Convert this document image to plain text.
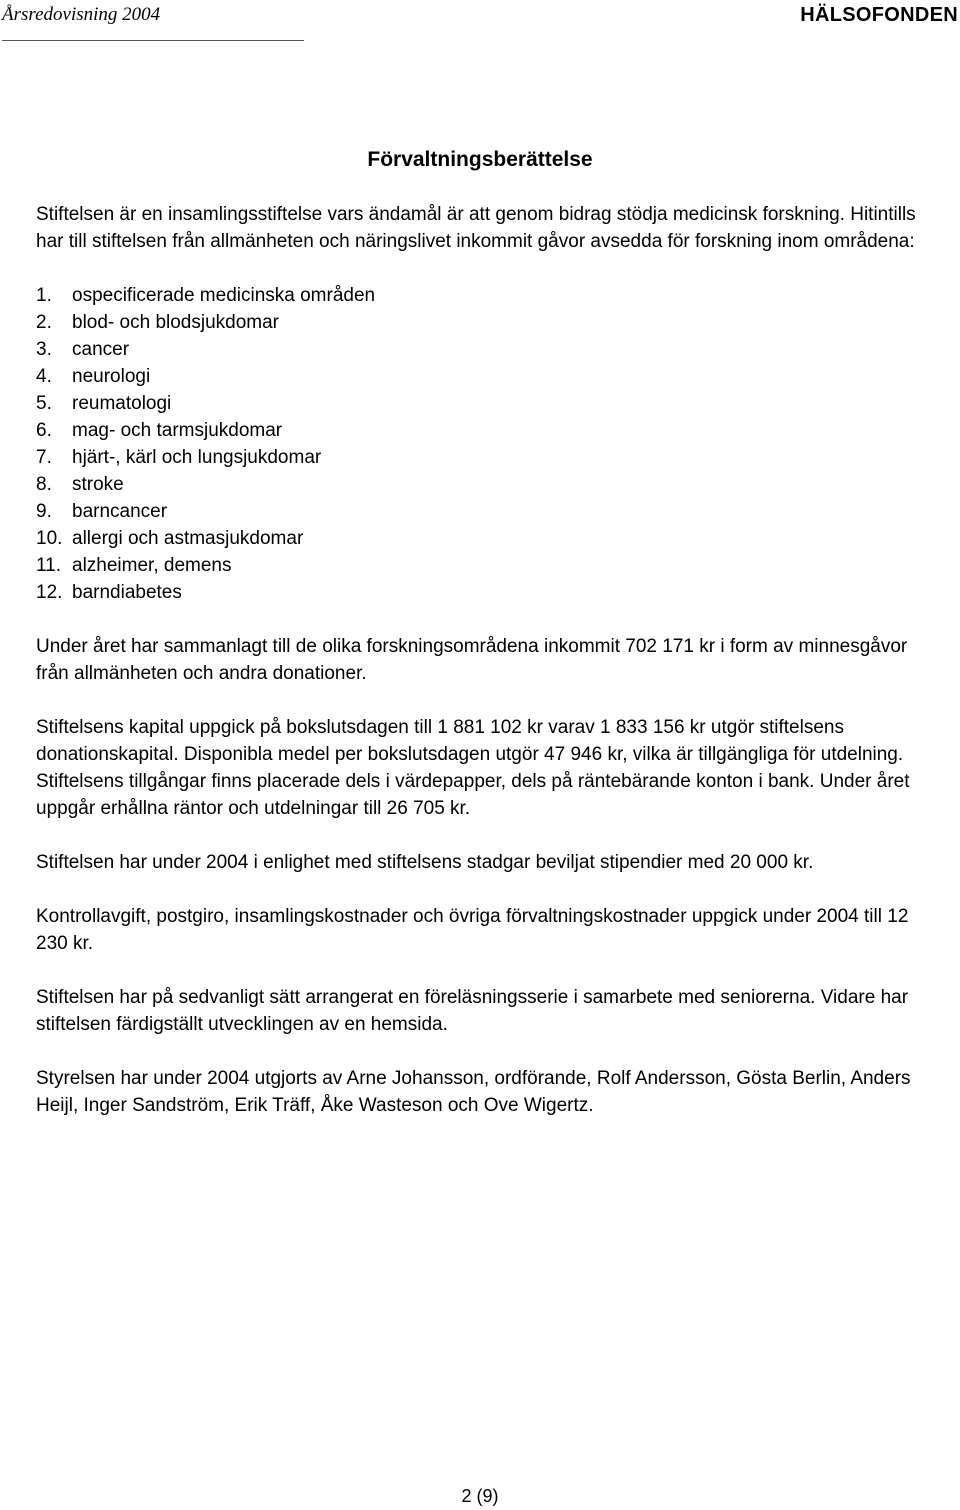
Årsredovisning 2004	HÄLSOFONDEN
Förvaltningsberättelse

Stiftelsen är en insamlingsstiftelse vars ändamål är att genom bidrag stödja medicinsk forskning. Hitintills har till stiftelsen från allmänheten och näringslivet inkommit gåvor avsedda för forskning inom områdena:

1.	ospecificerade medicinska områden
2.	blod- och blodsjukdomar
3.	cancer
4.	neurologi
5.	reumatologi
6.	mag- och tarmsjukdomar
7.	hjärt-, kärl och lungsjukdomar
8.	stroke
9.	barncancer
10. allergi och astmasjukdomar
11. alzheimer, demens
12. barndiabetes

Under året har sammanlagt till de olika forskningsområdena inkommit 702 171 kr i form av minnesgåvor från allmänheten och andra donationer.

Stiftelsens kapital uppgick på bokslutsdagen till 1 881 102 kr varav 1 833 156 kr utgör stiftelsens donationskapital. Disponibla medel per bokslutsdagen utgör 47 946 kr, vilka är tillgängliga för utdelning. Stiftelsens tillgångar finns placerade dels i värdepapper, dels på räntebärande konton i bank. Under året uppgår erhållna räntor och utdelningar till 26 705 kr.

Stiftelsen har under 2004 i enlighet med stiftelsens stadgar beviljat stipendier med 20 000 kr.

Kontrollavgift, postgiro, insamlingskostnader och övriga förvaltningskostnader uppgick under 2004 till 12 230 kr.

Stiftelsen har på sedvanligt sätt arrangerat en föreläsningsserie i samarbete med seniorerna. Vidare har stiftelsen färdigställt utvecklingen av en hemsida.

Styrelsen har under 2004 utgjorts av Arne Johansson, ordförande, Rolf Andersson, Gösta Berlin, Anders Heijl, Inger Sandström, Erik Träff, Åke Wasteson och Ove Wigertz.

2 (9)
